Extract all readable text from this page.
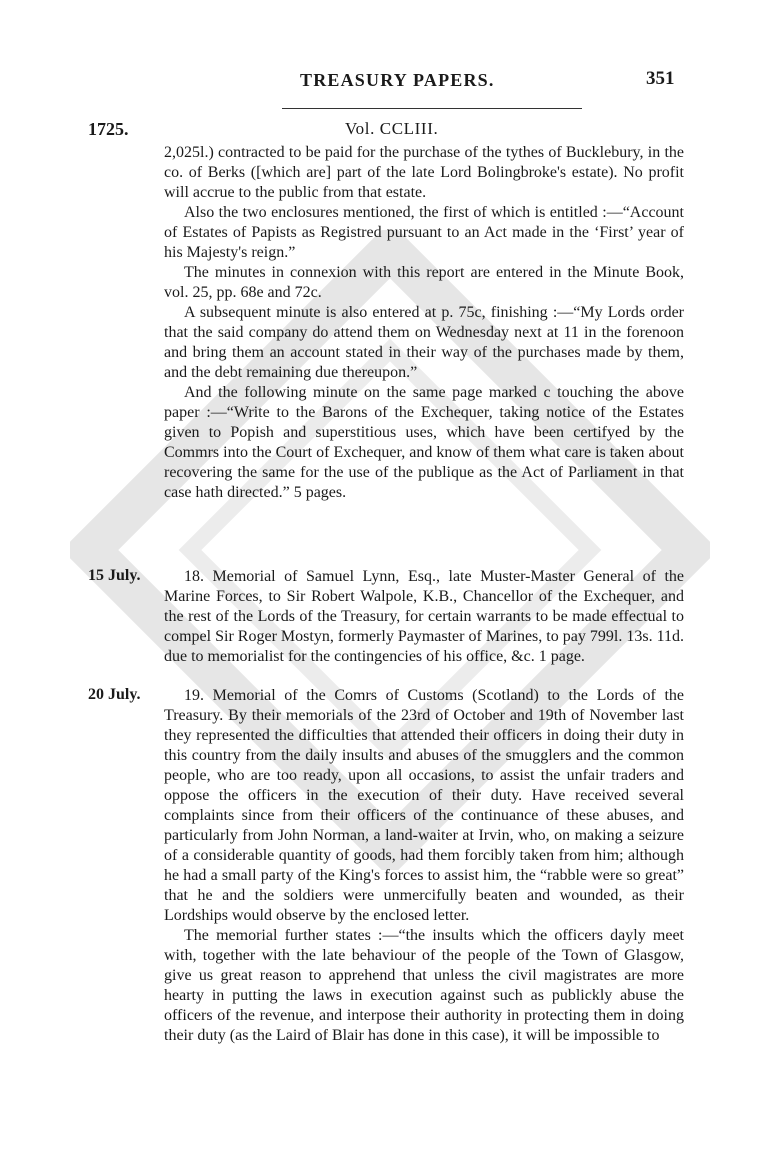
TREASURY PAPERS.	351
1725.	Vol. CCLIII.

2,025l.) contracted to be paid for the purchase of the tythes of Bucklebury, in the co. of Berks ([which are] part of the late Lord Bolingbroke's estate). No profit will accrue to the public from that estate.

Also the two enclosures mentioned, the first of which is entitled :—“Account of Estates of Papists as Registred pursuant to an Act made in the ‘First’ year of his Majesty's reign.”

The minutes in connexion with this report are entered in the Minute Book, vol. 25, pp. 68e and 72c.

A subsequent minute is also entered at p. 75c, finishing :—“My Lords order that the said company do attend them on Wednesday next at 11 in the forenoon and bring them an account stated in their way of the purchases made by them, and the debt remaining due thereupon.”

And the following minute on the same page marked c touching the above paper :—“Write to the Barons of the Exchequer, taking notice of the Estates given to Popish and superstitious uses, which have been certifyed by the Commrs into the Court of Exchequer, and know of them what care is taken about recovering the same for the use of the publique as the Act of Parliament in that case hath directed.” 5 pages.

15 July.	18. Memorial of Samuel Lynn, Esq., late Muster-Master General of the Marine Forces, to Sir Robert Walpole, K.B., Chancellor of the Exchequer, and the rest of the Lords of the Treasury, for certain warrants to be made effectual to compel Sir Roger Mostyn, formerly Paymaster of Marines, to pay 799l. 13s. 11d. due to memorialist for the contingencies of his office, &c. 1 page.

20 July.	19. Memorial of the Comrs of Customs (Scotland) to the Lords of the Treasury. By their memorials of the 23rd of October and 19th of November last they represented the difficulties that attended their officers in doing their duty in this country from the daily insults and abuses of the smugglers and the common people, who are too ready, upon all occasions, to assist the unfair traders and oppose the officers in the execution of their duty. Have received several complaints since from their officers of the continuance of these abuses, and particularly from John Norman, a land-waiter at Irvin, who, on making a seizure of a considerable quantity of goods, had them forcibly taken from him; although he had a small party of the King's forces to assist him, the “rabble were so great” that he and the soldiers were unmercifully beaten and wounded, as their Lordships would observe by the enclosed letter.

The memorial further states :—“the insults which the officers dayly meet with, together with the late behaviour of the people of the Town of Glasgow, give us great reason to apprehend that unless the civil magistrates are more hearty in putting the laws in execution against such as publickly abuse the officers of the revenue, and interpose their authority in protecting them in doing their duty (as the Laird of Blair has done in this case), it will be impossible to
